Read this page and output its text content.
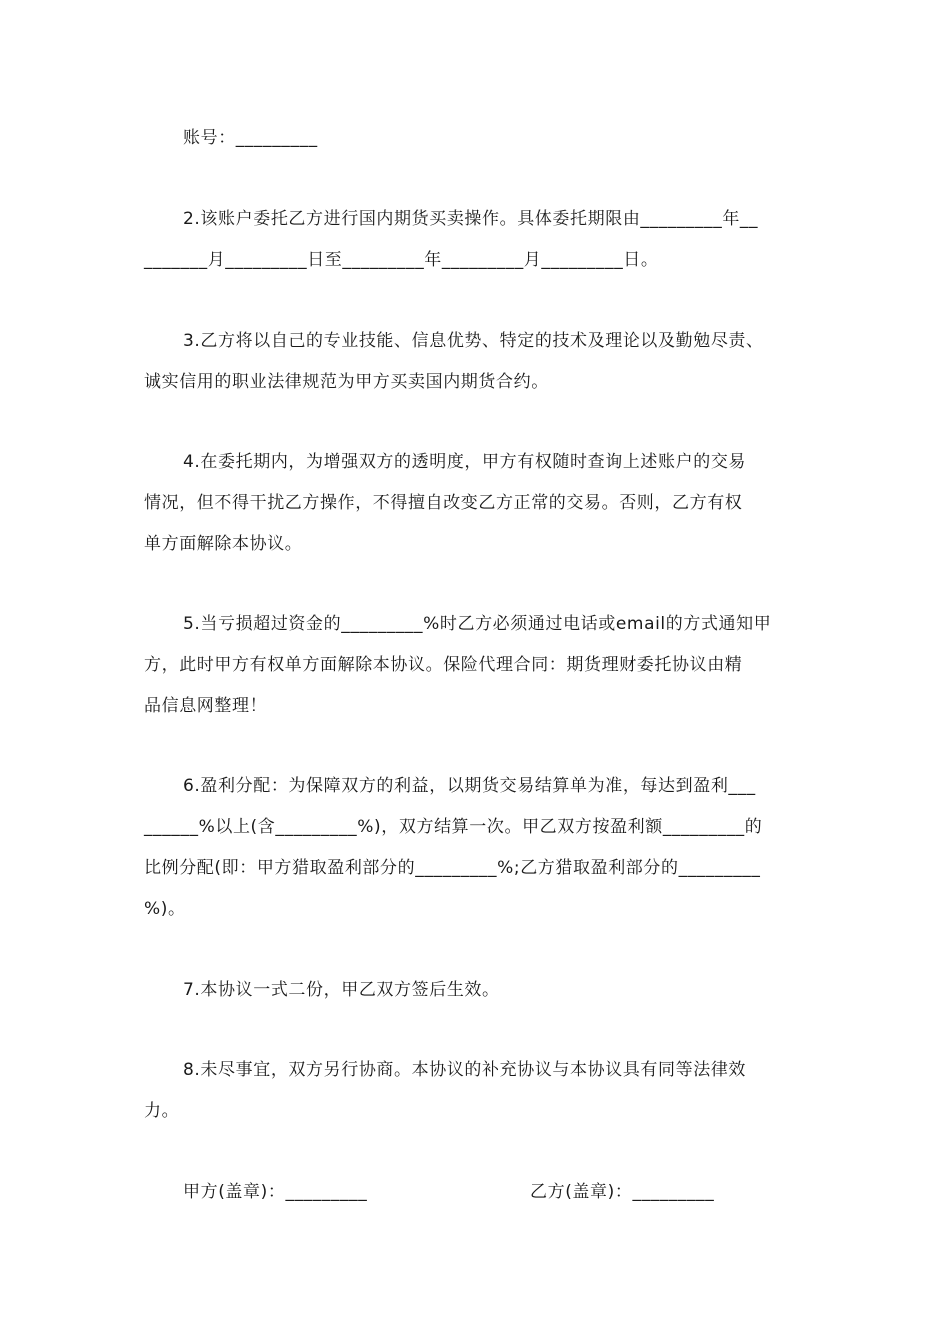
账号：_________
2.该账户委托乙方进行国内期货买卖操作。具体委托期限由_________年__
_______月_________日至_________年_________月_________日。
3.乙方将以自己的专业技能、信息优势、特定的技术及理论以及勤勉尽责、
诚实信用的职业法律规范为甲方买卖国内期货合约。
4.在委托期内，为增强双方的透明度，甲方有权随时查询上述账户的交易
情况，但不得干扰乙方操作，不得擅自改变乙方正常的交易。否则，乙方有权
单方面解除本协议。
5.当亏损超过资金的_________%时乙方必须通过电话或email的方式通知甲
方，此时甲方有权单方面解除本协议。保险代理合同：期货理财委托协议由精
品信息网整理！
6.盈利分配：为保障双方的利益，以期货交易结算单为准，每达到盈利___
______%以上(含_________%)，双方结算一次。甲乙双方按盈利额_________的
比例分配(即：甲方猎取盈利部分的_________%;乙方猎取盈利部分的_________
%)。
7.本协议一式二份，甲乙双方签后生效。
8.未尽事宜，双方另行协商。本协议的补充协议与本协议具有同等法律效
力。
甲方(盖章)：_________	乙方(盖章)：_________
